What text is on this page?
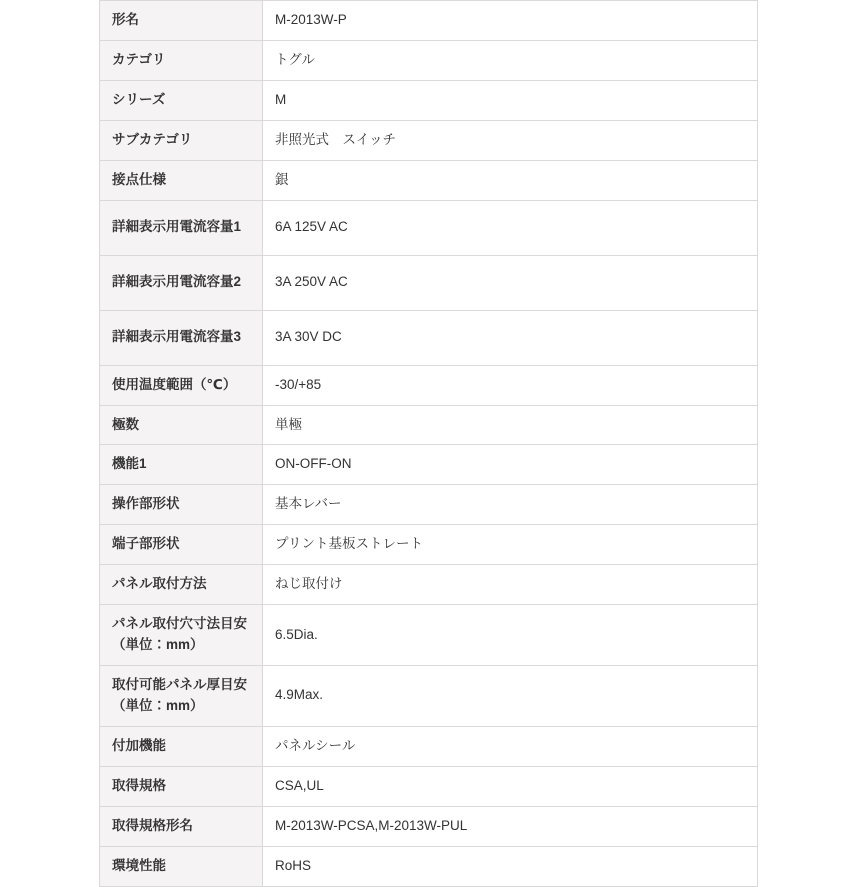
形名	M-2013W-P
カテゴリ	トグル
シリーズ	M
サブカテゴリ	非照光式　スイッチ
接点仕様	銀
詳細表示用電流容量1	6A 125V AC
詳細表示用電流容量2	3A 250V AC
詳細表示用電流容量3	3A 30V DC
使用温度範囲（℃）	-30/+85
極数	単極
機能1	ON-OFF-ON
操作部形状	基本レバー
端子部形状	プリント基板ストレート
パネル取付方法	ねじ取付け
パネル取付穴寸法目安（単位：mm）	6.5Dia.
取付可能パネル厚目安（単位：mm）	4.9Max.
付加機能	パネルシール
取得規格	CSA,UL
取得規格形名	M-2013W-PCSA,M-2013W-PUL
環境性能	RoHS
